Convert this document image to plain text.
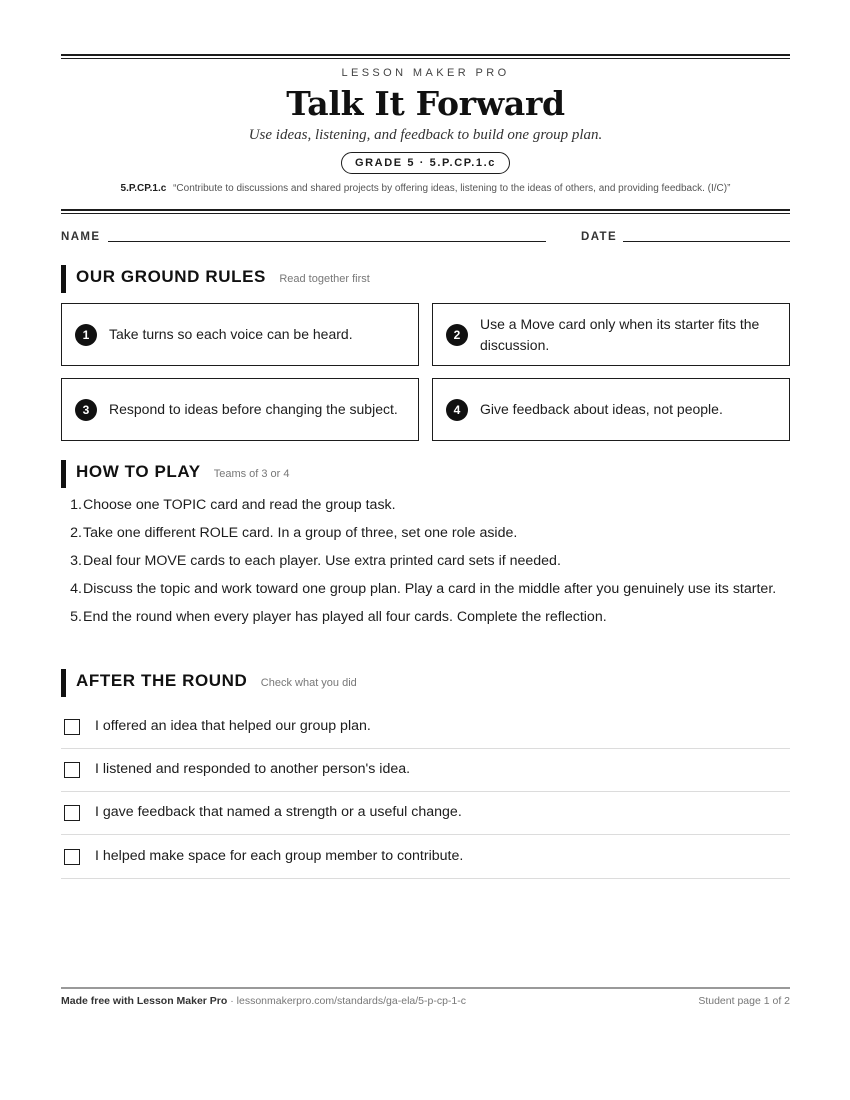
LESSON MAKER PRO
Talk It Forward
Use ideas, listening, and feedback to build one group plan.
GRADE 5 · 5.P.CP.1.c
5.P.CP.1.c “Contribute to discussions and shared projects by offering ideas, listening to the ideas of others, and providing feedback. (I/C)”
NAME	DATE
OUR GROUND RULES Read together first
1	Take turns so each voice can be heard.	2
Use a Move card only when its starter fits the discussion.
3	Respond to ideas before changing the subject.	4	Give feedback about ideas, not people.
HOW TO PLAY Teams of 3 or 4
1. Choose one TOPIC card and read the group task.
2. Take one different ROLE card. In a group of three, set one role aside.
3. Deal four MOVE cards to each player. Use extra printed card sets if needed.
4. Discuss the topic and work toward one group plan. Play a card in the middle after you genuinely use its starter.
5. End the round when every player has played all four cards. Complete the reflection.
AFTER THE ROUND Check what you did
I offered an idea that helped our group plan.
I listened and responded to another person's idea.
I gave feedback that named a strength or a useful change.
I helped make space for each group member to contribute.
Made free with Lesson Maker Pro · lessonmakerpro.com/standards/ga-ela/5-p-cp-1-c	Student page 1 of 2
